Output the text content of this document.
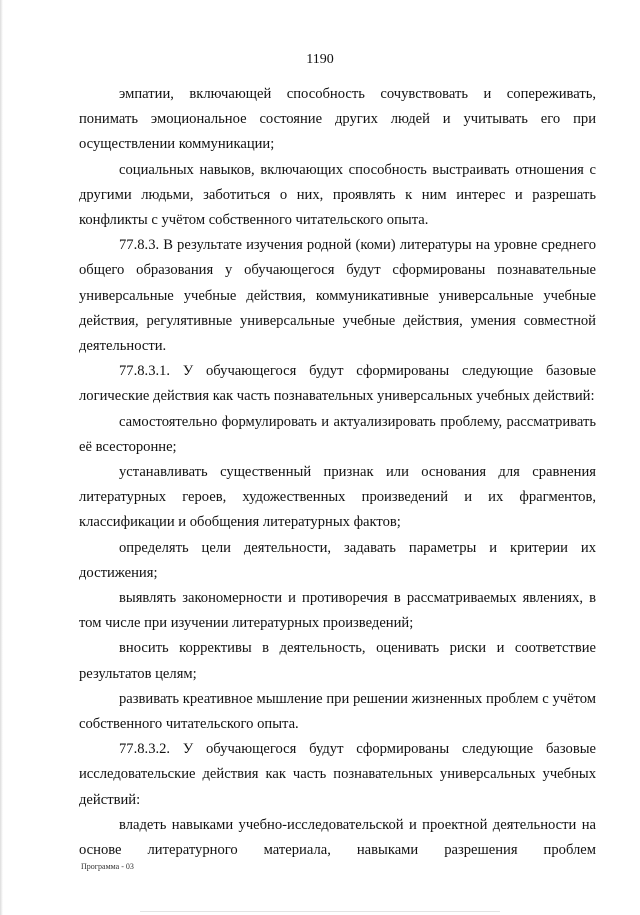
1190

эмпатии, включающей способность сочувствовать и сопереживать, понимать эмоциональное состояние других людей и учитывать его при осуществлении коммуникации;

социальных навыков, включающих способность выстраивать отношения с другими людьми, заботиться о них, проявлять к ним интерес и разрешать конфликты с учётом собственного читательского опыта.

77.8.3. В результате изучения родной (коми) литературы на уровне среднего общего образования у обучающегося будут сформированы познавательные универсальные учебные действия, коммуникативные универсальные учебные действия, регулятивные универсальные учебные действия, умения совместной деятельности.

77.8.3.1. У обучающегося будут сформированы следующие базовые логические действия как часть познавательных универсальных учебных действий:

самостоятельно формулировать и актуализировать проблему, рассматривать её всесторонне;

устанавливать существенный признак или основания для сравнения литературных героев, художественных произведений и их фрагментов, классификации и обобщения литературных фактов;

определять цели деятельности, задавать параметры и критерии их достижения;

выявлять закономерности и противоречия в рассматриваемых явлениях, в том числе при изучении литературных произведений;

вносить коррективы в деятельность, оценивать риски и соответствие результатов целям;

развивать креативное мышление при решении жизненных проблем с учётом собственного читательского опыта.

77.8.3.2. У обучающегося будут сформированы следующие базовые исследовательские действия как часть познавательных универсальных учебных действий:

владеть навыками учебно-исследовательской и проектной деятельности на основе литературного материала, навыками разрешения проблем

Программа - 03
